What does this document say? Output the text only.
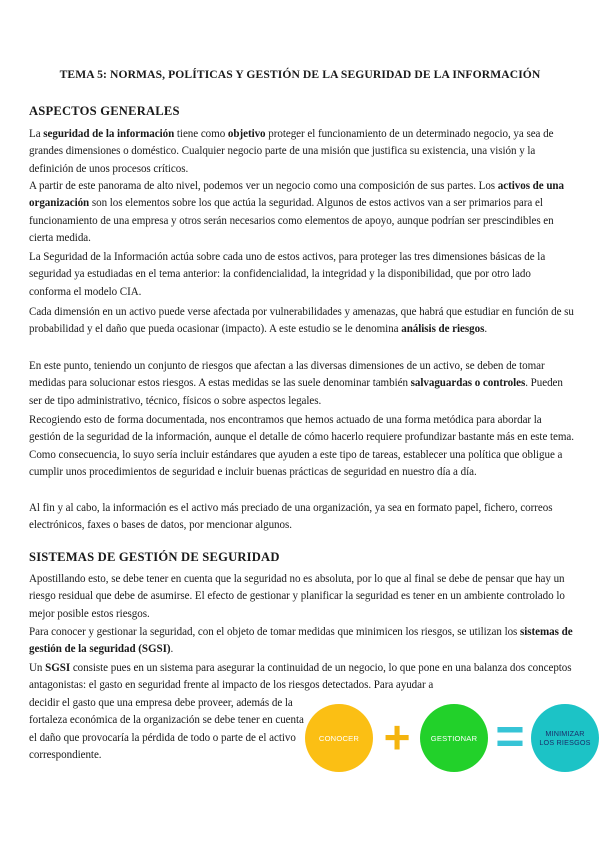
TEMA 5: NORMAS, POLÍTICAS Y GESTIÓN DE LA SEGURIDAD DE LA INFORMACIÓN
ASPECTOS GENERALES

La seguridad de la información tiene como objetivo proteger el funcionamiento de un determinado negocio, ya sea de grandes dimensiones o doméstico. Cualquier negocio parte de una misión que justifica su existencia, una visión y la definición de unos procesos críticos.

A partir de este panorama de alto nivel, podemos ver un negocio como una composición de sus partes. Los activos de una organización son los elementos sobre los que actúa la seguridad. Algunos de estos activos van a ser primarios para el funcionamiento de una empresa y otros serán necesarios como elementos de apoyo, aunque podrían ser prescindibles en cierta medida.

La Seguridad de la Información actúa sobre cada uno de estos activos, para proteger las tres dimensiones básicas de la seguridad ya estudiadas en el tema anterior: la confidencialidad, la integridad y la disponibilidad, que por otro lado conforma el modelo CIA.

Cada dimensión en un activo puede verse afectada por vulnerabilidades y amenazas, que habrá que estudiar en función de su probabilidad y el daño que pueda ocasionar (impacto). A este estudio se le denomina análisis de riesgos.

En este punto, teniendo un conjunto de riesgos que afectan a las diversas dimensiones de un activo, se deben de tomar medidas para solucionar estos riesgos. A estas medidas se las suele denominar también salvaguardas o controles. Pueden ser de tipo administrativo, técnico, físicos o sobre aspectos legales.

Recogiendo esto de forma documentada, nos encontramos que hemos actuado de una forma metódica para abordar la gestión de la seguridad de la información, aunque el detalle de cómo hacerlo requiere profundizar bastante más en este tema. Como consecuencia, lo suyo sería incluir estándares que ayuden a este tipo de tareas, establecer una política que obligue a cumplir unos procedimientos de seguridad e incluir buenas prácticas de seguridad en nuestro día a día.

Al fin y al cabo, la información es el activo más preciado de una organización, ya sea en formato papel, fichero, correos electrónicos, faxes o bases de datos, por mencionar algunos.

SISTEMAS DE GESTIÓN DE SEGURIDAD

Apostillando esto, se debe tener en cuenta que la seguridad no es absoluta, por lo que al final se debe de pensar que hay un riesgo residual que debe de asumirse. El efecto de gestionar y planificar la seguridad es tener en un ambiente controlado lo mejor posible estos riesgos.

Para conocer y gestionar la seguridad, con el objeto de tomar medidas que minimicen los riesgos, se utilizan los sistemas de gestión de la seguridad (SGSI).

Un SGSI consiste pues en un sistema para asegurar la continuidad de un negocio, lo que pone en una balanza dos conceptos antagonistas: el gasto en seguridad frente al impacto de los riesgos detectados. Para ayudar a

decidir el gasto que una empresa debe proveer, además de la fortaleza económica de la organización se debe tener en cuenta el daño que provocaría la pérdida de todo o parte de el activo correspondiente.

CONOCER +	GESTIONAR =	MINIMIZAR LOS RIESGOS
